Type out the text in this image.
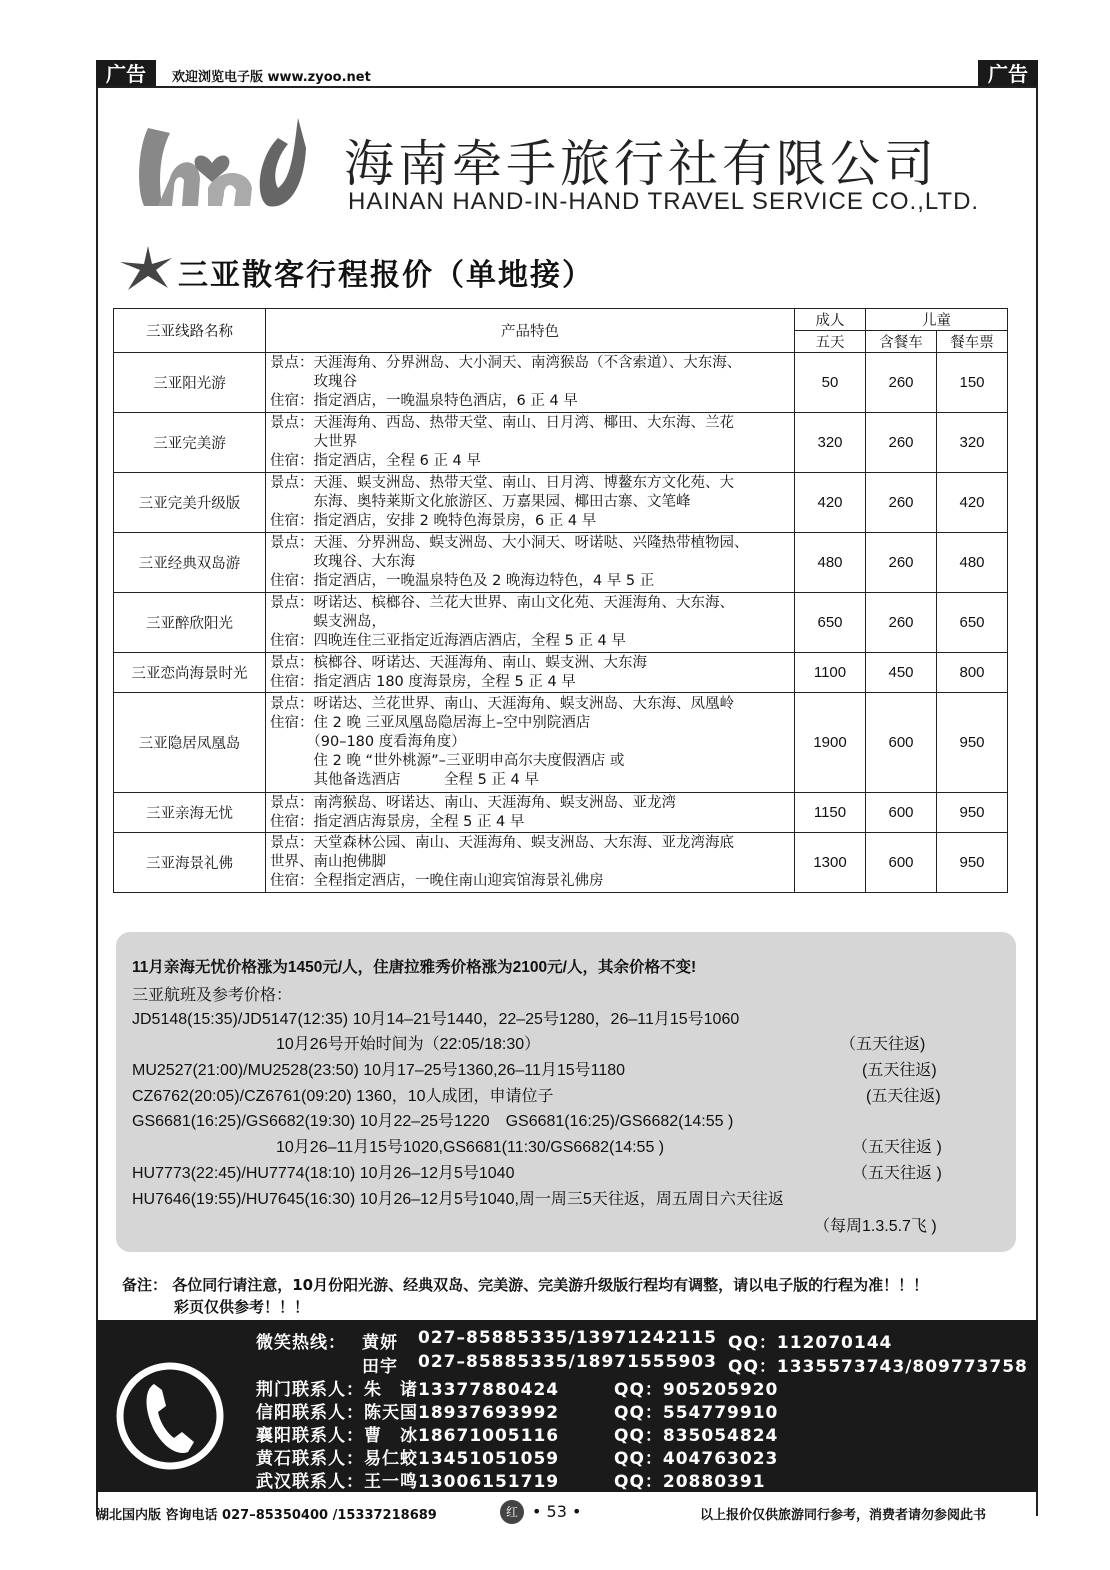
广告	欢迎浏览电子版 www.zyoo.net	广告
海南牵手旅行社有限公司
HAINAN HAND-IN-HAND TRAVEL SERVICE CO.,LTD.
三亚散客行程报价（单地接）
三亚线路名称	产品特色	成人	儿童	
		五天	含餐车	餐车票
三亚阳光游	景点：天涯海角、分界洲岛、大小洞天、南湾猴岛（不含索道）、大东海、
　　　玫瑰谷
住宿：指定酒店，一晚温泉特色酒店，6 正 4 早	50	260	150
三亚完美游	景点：天涯海角、西岛、热带天堂、南山、日月湾、椰田、大东海、兰花
　　　大世界
住宿：指定酒店，全程 6 正 4 早	320	260	320
三亚完美升级版	景点：天涯、蜈支洲岛、热带天堂、南山、日月湾、博鳌东方文化苑、大
　　　东海、奥特莱斯文化旅游区、万嘉果园、椰田古寨、文笔峰
住宿：指定酒店，安排 2 晚特色海景房，6 正 4 早	420	260	420
三亚经典双岛游	景点：天涯、分界洲岛、蜈支洲岛、大小洞天、呀诺哒、兴隆热带植物园、
　　　玫瑰谷、大东海
住宿：指定酒店，一晚温泉特色及 2 晚海边特色，4 早 5 正	480	260	480
三亚醉欣阳光	景点：呀诺达、槟榔谷、兰花大世界、南山文化苑、天涯海角、大东海、
　　　蜈支洲岛，
住宿：四晚连住三亚指定近海酒店酒店，全程 5 正 4 早	650	260	650
三亚恋尚海景时光	景点：槟榔谷、呀诺达、天涯海角、南山、蜈支洲、大东海
住宿：指定酒店 180 度海景房，全程 5 正 4 早	1100	450	800
三亚隐居凤凰岛	景点：呀诺达、兰花世界、南山、天涯海角、蜈支洲岛、大东海、凤凰岭
住宿：住 2 晚 三亚凤凰岛隐居海上–空中别院酒店
　　　（90–180 度看海角度）
　　　住 2 晚 “世外桃源”–三亚明申高尔夫度假酒店 或
　　　其他备选酒店　　　全程 5 正 4 早	1900	600	950
三亚亲海无忧	景点：南湾猴岛、呀诺达、南山、天涯海角、蜈支洲岛、亚龙湾
住宿：指定酒店海景房，全程 5 正 4 早	1150	600	950
三亚海景礼佛	景点：天堂森林公园、南山、天涯海角、蜈支洲岛、大东海、亚龙湾海底
世界、南山抱佛脚
住宿：全程指定酒店，一晚住南山迎宾馆海景礼佛房	1300	600	950
11月亲海无忧价格涨为1450元/人，住唐拉雅秀价格涨为2100元/人，其余价格不变!
三亚航班及参考价格：
JD5148(15:35)/JD5147(12:35) 10月14–21号1440，22–25号1280，26–11月15号1060
10月26号开始时间为（22:05/18:30）	（五天往返)
MU2527(21:00)/MU2528(23:50) 10月17–25号1360,26–11月15号1180	(五天往返)
CZ6762(20:05)/CZ6761(09:20) 1360，10人成团，申请位子	(五天往返)
GS6681(16:25)/GS6682(19:30) 10月22–25号1220　GS6681(16:25)/GS6682(14:55 )
10月26–11月15号1020,GS6681(11:30/GS6682(14:55 )	（五天往返 )
HU7773(22:45)/HU7774(18:10) 10月26–12月5号1040	（五天往返 )
HU7646(19:55)/HU7645(16:30) 10月26–12月5号1040,周一周三5天往返，周五周日六天往返
（每周1.3.5.7飞 )
备注： 各位同行请注意，10月份阳光游、经典双岛、完美游、完美游升级版行程均有调整，请以电子版的行程为准！！！
彩页仅供参考！！！
微笑热线： 黄妍 027–85885335/13971242115 QQ：112070144
田宇 027–85885335/18971555903 QQ：1335573743/809773758
荆门联系人：朱　诸13377880424	QQ：905205920
信阳联系人：陈天国18937693992	QQ：554779910
襄阳联系人：曹　冰18671005116	QQ：835054824
黄石联系人：易仁蛟13451051059	QQ：404763023
武汉联系人：王一鸣13006151719	QQ：20880391
湖北国内版 咨询电话 027–85350400 /15337218689	红 • 53 •	以上报价仅供旅游同行参考，消费者请勿参阅此书
